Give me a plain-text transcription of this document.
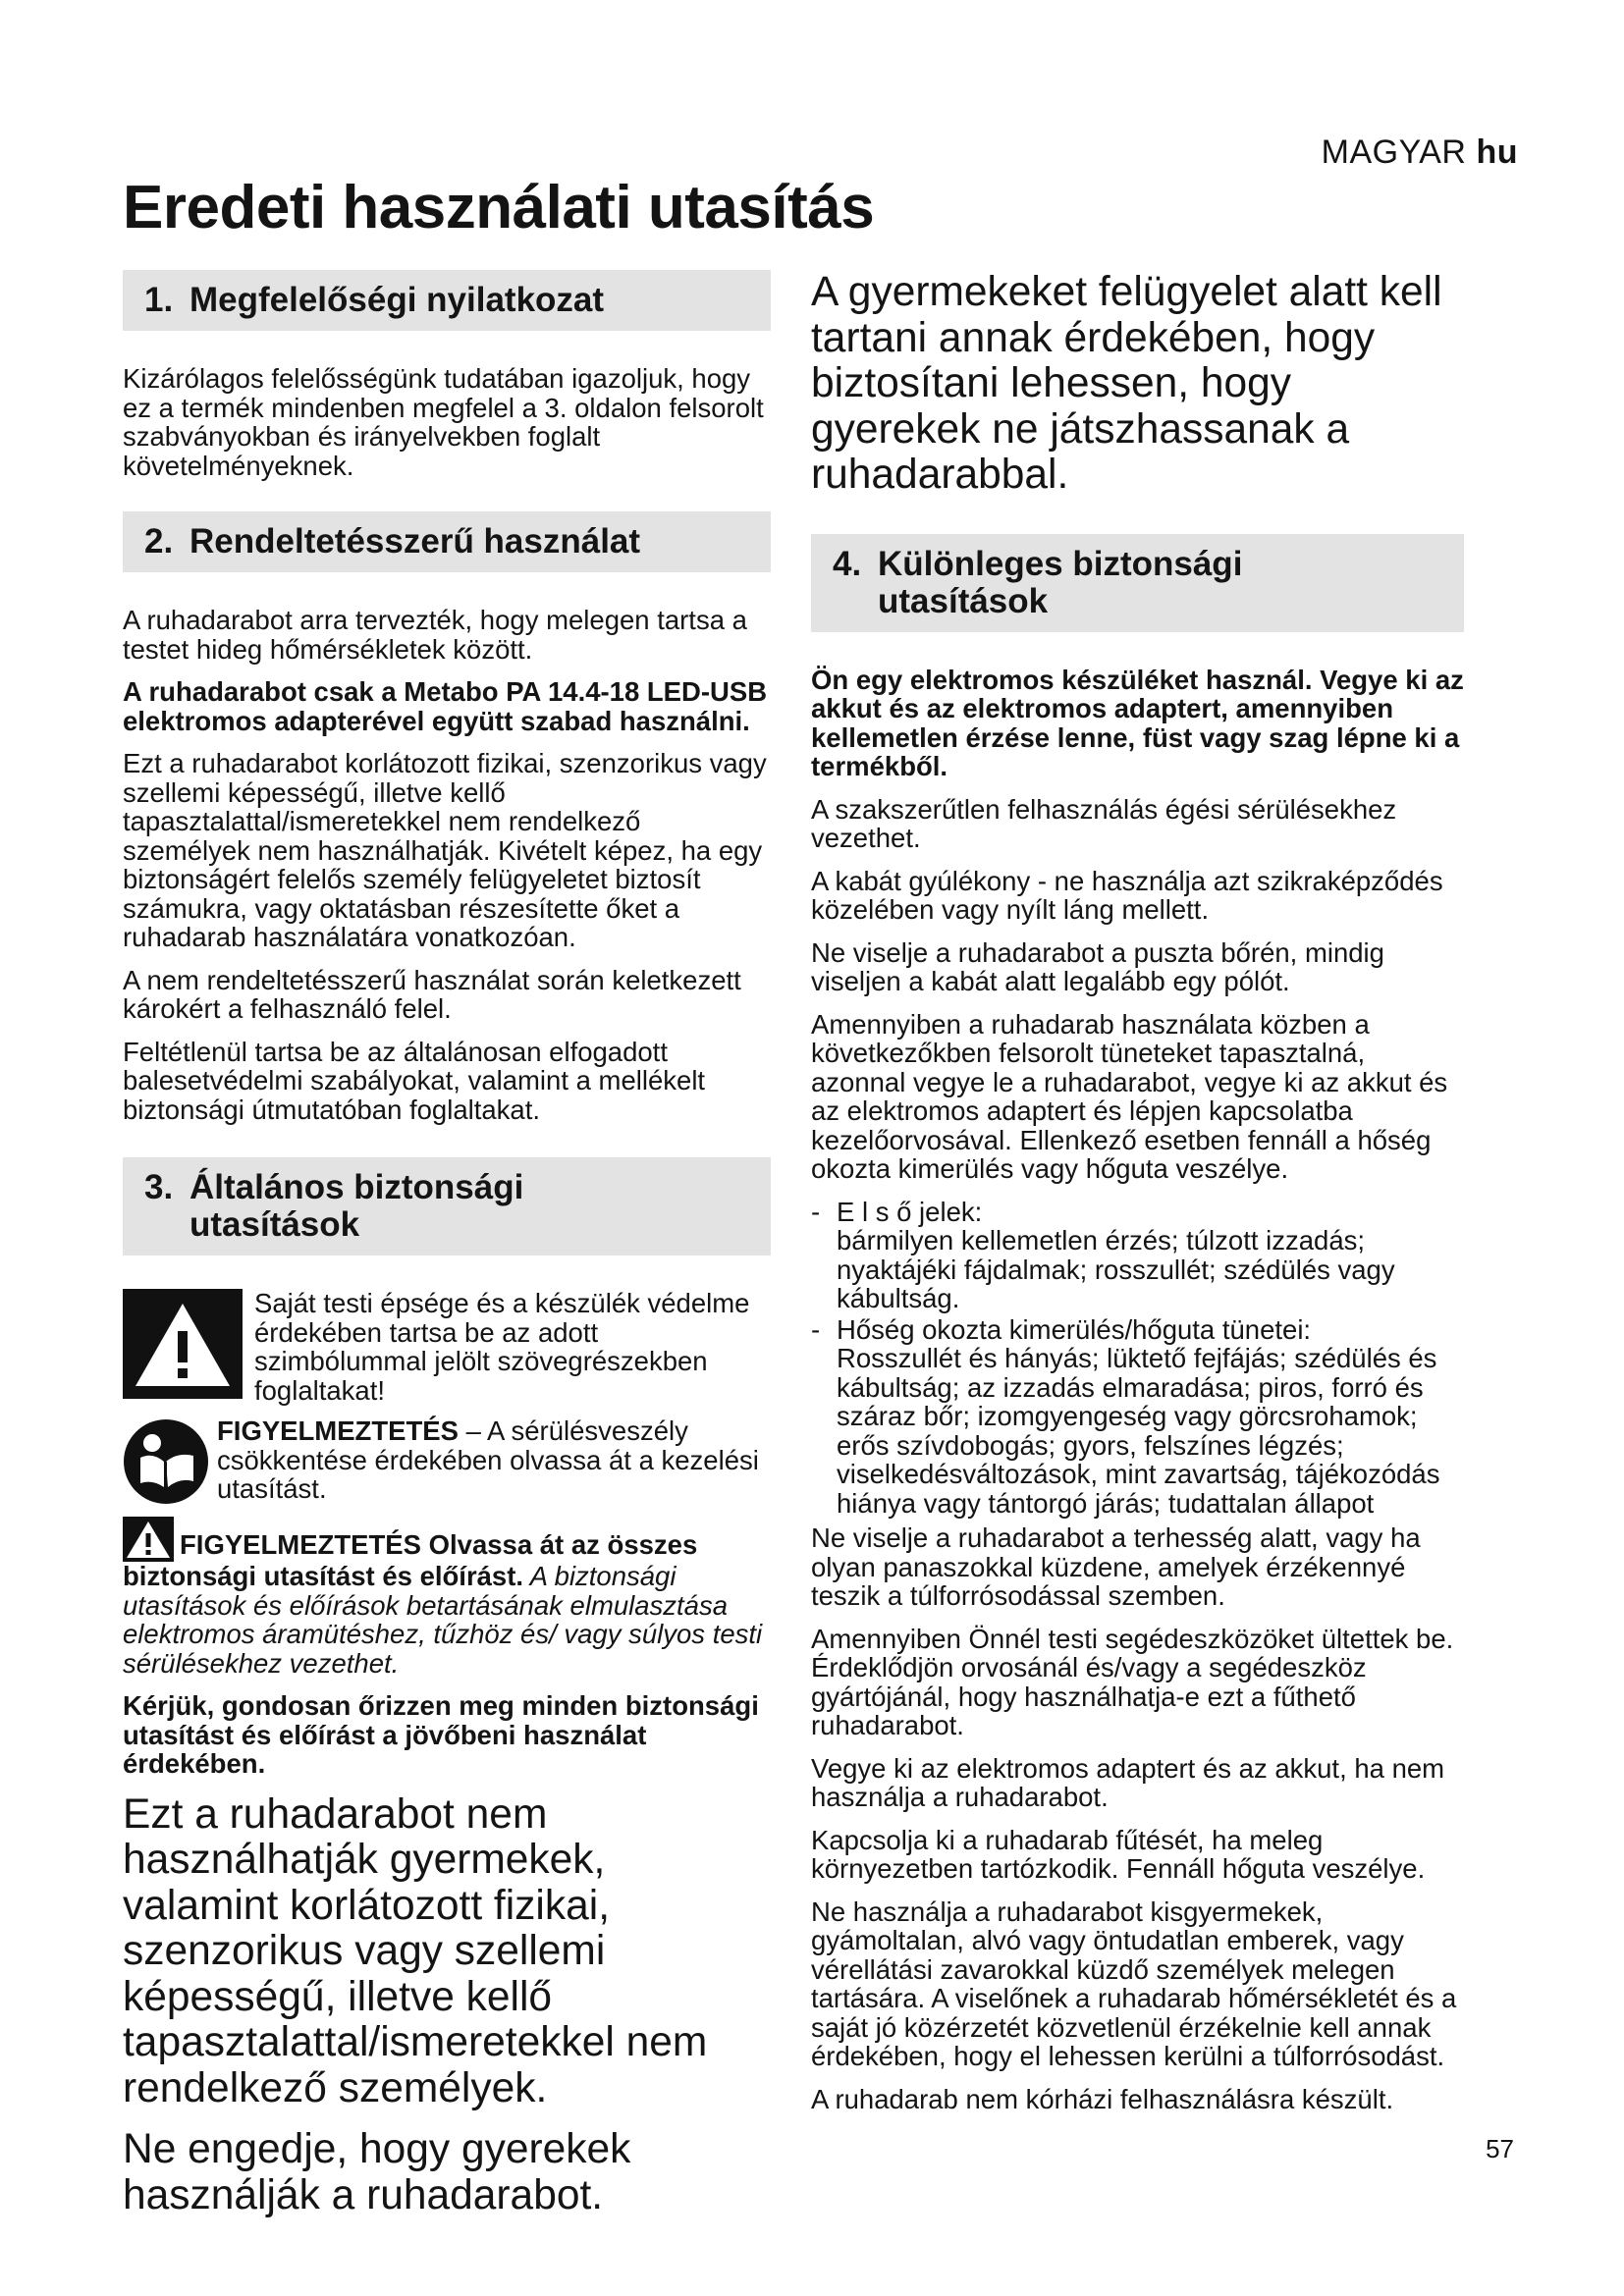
MAGYAR hu
Eredeti használati utasítás
1. Megfelelőségi nyilatkozat

Kizárólagos felelősségünk tudatában igazoljuk, hogy ez a termék mindenben megfelel a 3. oldalon felsorolt szabványokban és irányelvekben foglalt követelményeknek.

2. Rendeltetésszerű használat

A ruhadarabot arra tervezték, hogy melegen tartsa a testet hideg hőmérsékletek között.

A ruhadarabot csak a Metabo PA 14.4-18 LED-USB elektromos adapterével együtt szabad használni.

Ezt a ruhadarabot korlátozott fizikai, szenzorikus vagy szellemi képességű, illetve kellő tapasztalattal/ismeretekkel nem rendelkező személyek nem használhatják. Kivételt képez, ha egy biztonságért felelős személy felügyeletet biztosít számukra, vagy oktatásban részesítette őket a ruhadarab használatára vonatkozóan.

A nem rendeltetésszerű használat során keletkezett károkért a felhasználó felel.

Feltétlenül tartsa be az általánosan elfogadott balesetvédelmi szabályokat, valamint a mellékelt biztonsági útmutatóban foglaltakat.

3. Általános biztonsági
utasítások
Saját testi épsége és a készülék védelme érdekében tartsa be az adott szimbólummal jelölt szövegrészekben foglaltakat!
FIGYELMEZTETÉS – A sérülésveszély csökkentése érdekében olvassa át a kezelési utasítást.

FIGYELMEZTETÉS Olvassa át az összes biztonsági utasítást és előírást. A biztonsági utasítások és előírások betartásának elmulasztása elektromos áramütéshez, tűzhöz és/ vagy súlyos testi sérülésekhez vezethet.

Kérjük, gondosan őrizzen meg minden biztonsági utasítást és előírást a jövőbeni használat érdekében.

Ezt a ruhadarabot nem használhatják gyermekek, valamint korlátozott fizikai, szenzorikus vagy szellemi képességű, illetve kellő tapasztalattal/ismeretekkel nem rendelkező személyek.

Ne engedje, hogy gyerekek használják a ruhadarabot.

A gyermekeket felügyelet alatt kell tartani annak érdekében, hogy biztosítani lehessen, hogy gyerekek ne játszhassanak a ruhadarabbal.

4. Különleges biztonsági
utasítások

Ön egy elektromos készüléket használ. Vegye ki az akkut és az elektromos adaptert, amennyiben kellemetlen érzése lenne, füst vagy szag lépne ki a termékből.

A szakszerűtlen felhasználás égési sérülésekhez vezethet.

A kabát gyúlékony - ne használja azt szikraképződés közelében vagy nyílt láng mellett.

Ne viselje a ruhadarabot a puszta bőrén, mindig viseljen a kabát alatt legalább egy pólót.

Amennyiben a ruhadarab használata közben a következőkben felsorolt tüneteket tapasztalná, azonnal vegye le a ruhadarabot, vegye ki az akkut és az elektromos adaptert és lépjen kapcsolatba kezelőorvosával. Ellenkező esetben fennáll a hőség okozta kimerülés vagy hőguta veszélye.

- E l s ő jelek:
bármilyen kellemetlen érzés; túlzott izzadás; nyaktájéki fájdalmak; rosszullét; szédülés vagy kábultság.
- Hőség okozta kimerülés/hőguta tünetei:
Rosszullét és hányás; lüktető fejfájás; szédülés és kábultság; az izzadás elmaradása; piros, forró és száraz bőr; izomgyengeség vagy görcsrohamok; erős szívdobogás; gyors, felszínes légzés; viselkedésváltozások, mint zavartság, tájékozódás hiánya vagy tántorgó járás; tudattalan állapot

Ne viselje a ruhadarabot a terhesség alatt, vagy ha olyan panaszokkal küzdene, amelyek érzékennyé teszik a túlforrósodással szemben.

Amennyiben Önnél testi segédeszközöket ültettek be. Érdeklődjön orvosánál és/vagy a segédeszköz gyártójánál, hogy használhatja-e ezt a fűthető ruhadarabot.

Vegye ki az elektromos adaptert és az akkut, ha nem használja a ruhadarabot.

Kapcsolja ki a ruhadarab fűtését, ha meleg környezetben tartózkodik. Fennáll hőguta veszélye.

Ne használja a ruhadarabot kisgyermekek, gyámoltalan, alvó vagy öntudatlan emberek, vagy vérellátási zavarokkal küzdő személyek melegen tartására. A viselőnek a ruhadarab hőmérsékletét és a saját jó közérzetét közvetlenül érzékelnie kell annak érdekében, hogy el lehessen kerülni a túlforrósodást.

A ruhadarab nem kórházi felhasználásra készült.

57
